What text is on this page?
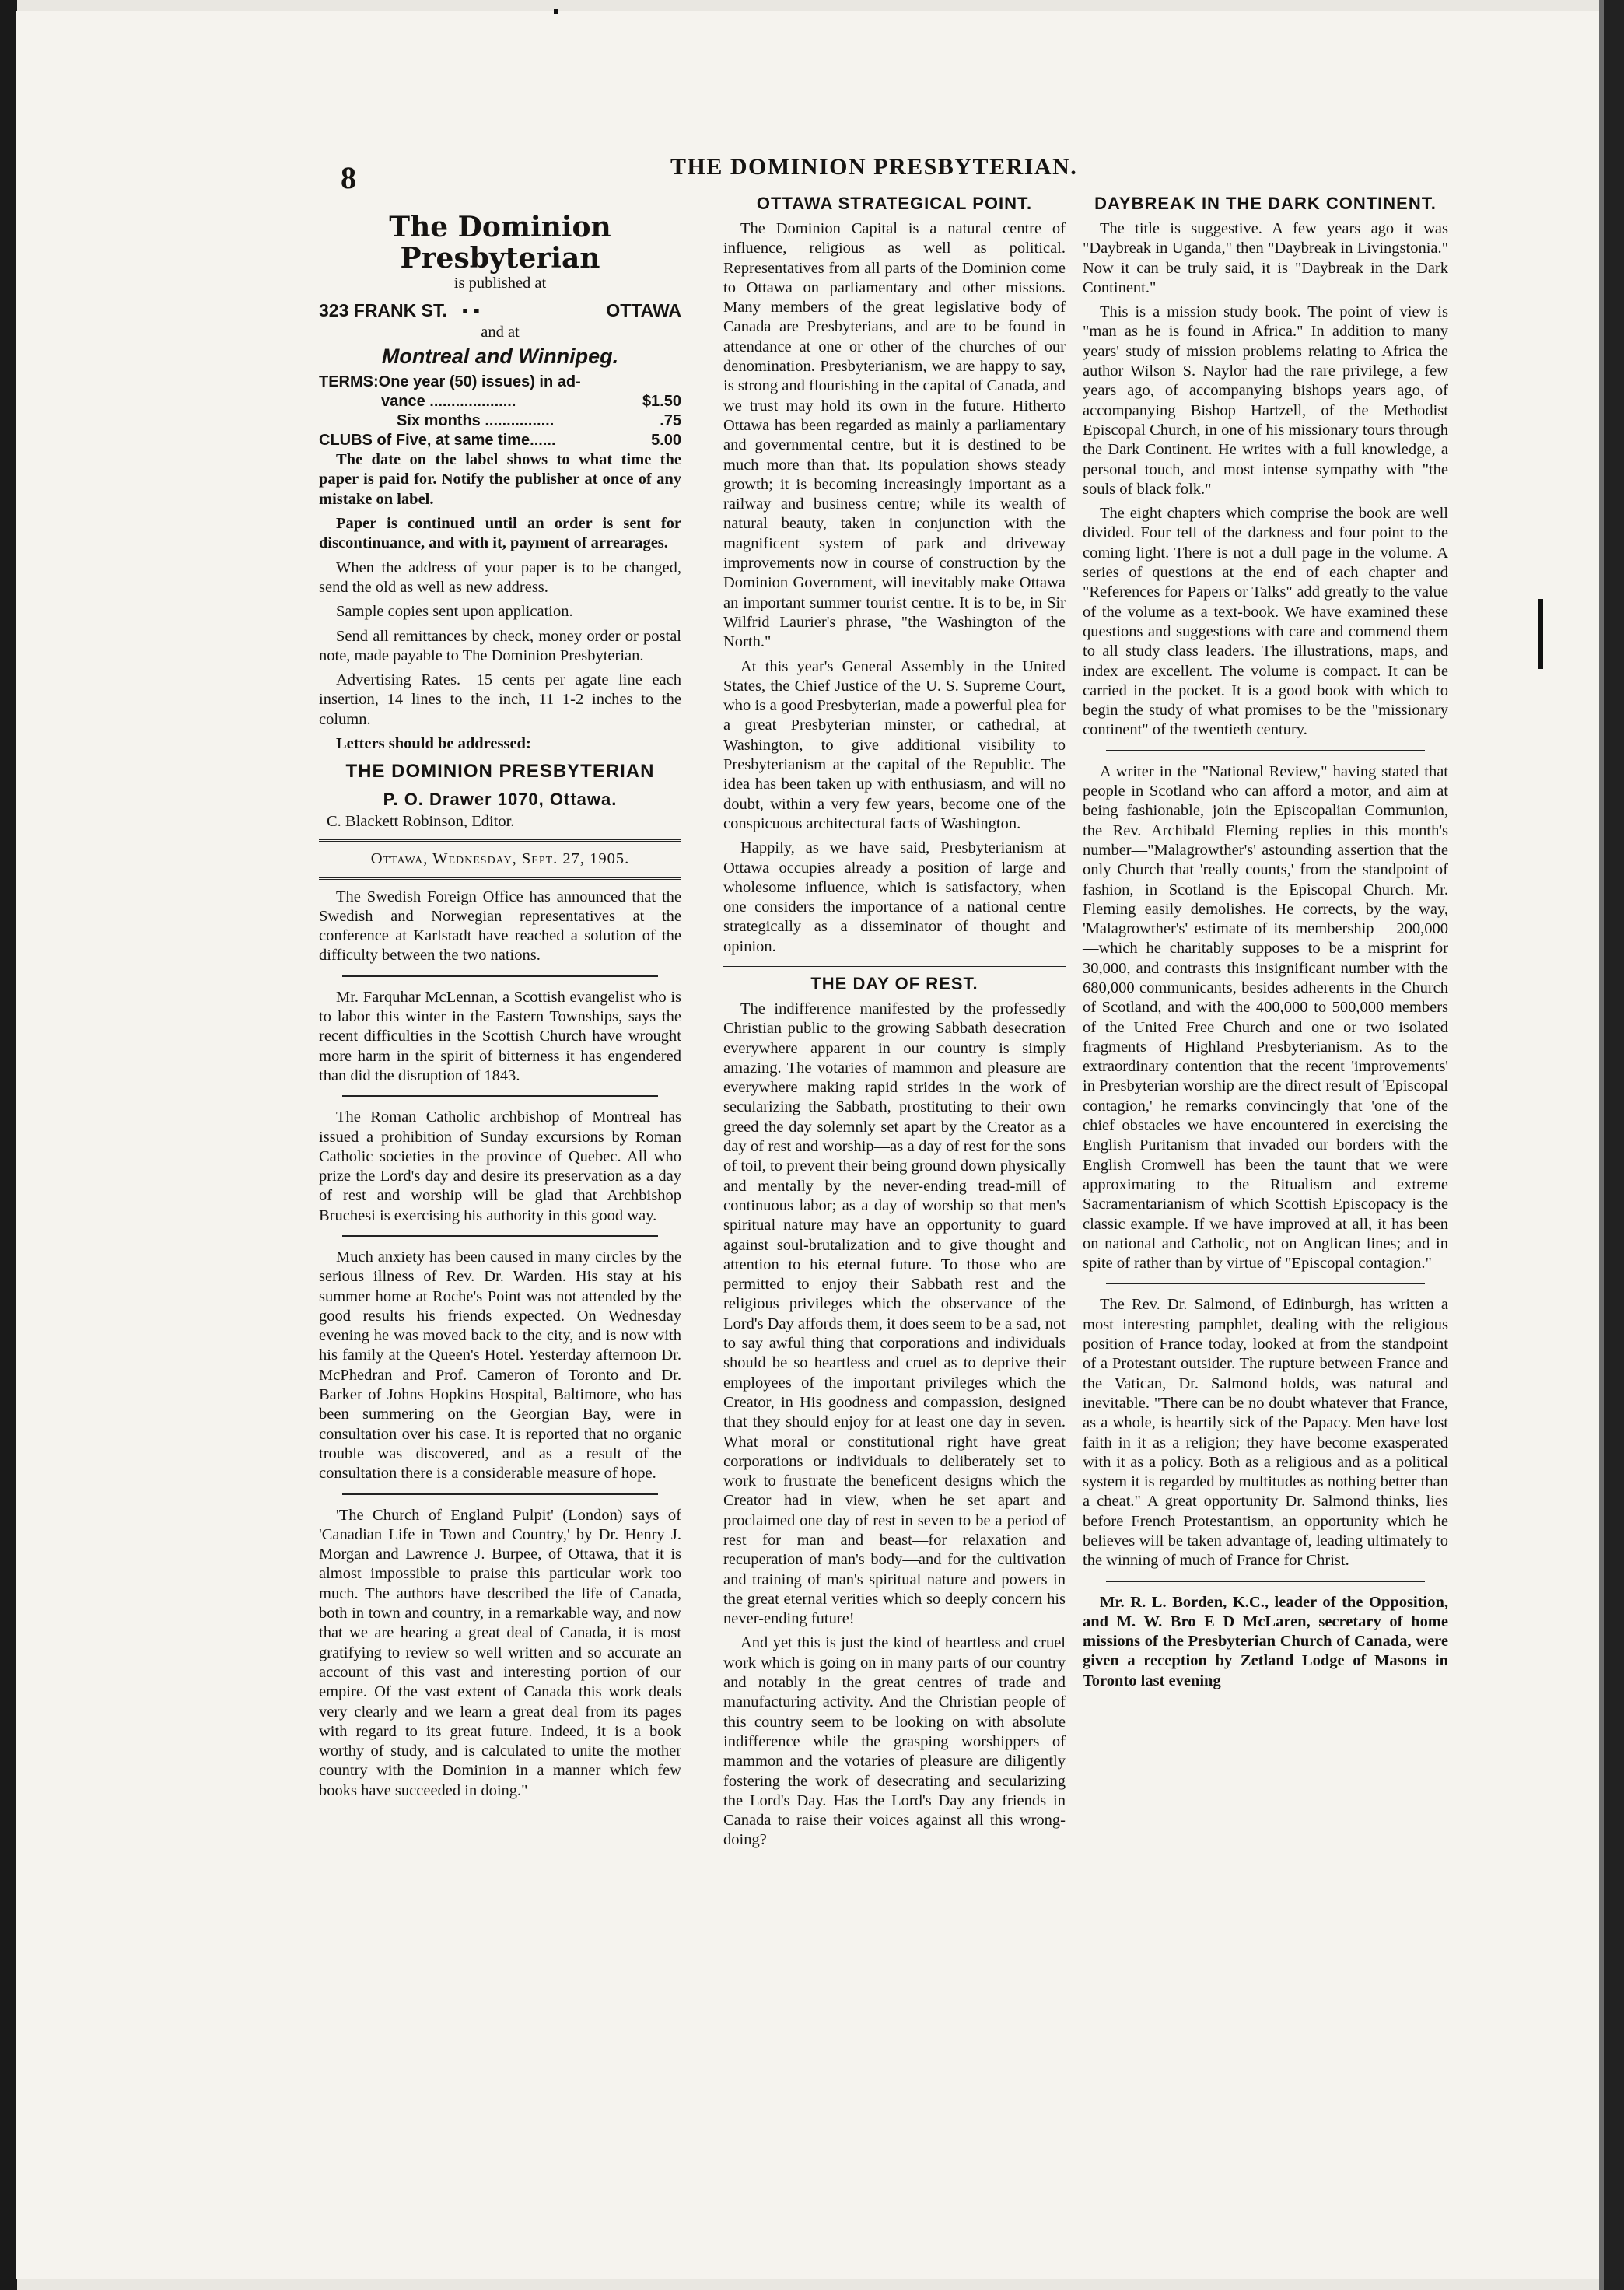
8	THE DOMINION PRESBYTERIAN.
The Dominion Presbyterian

is published at

OTTAWA
323 FRANK ST. ▪ ▪

and at

Montreal and Winnipeg.
TERMS:One year (50) issues) in ad-
vance ....................	$1.50
Six months ................	.75
CLUBS of Five, at same time......	5.00

The date on the label shows to what time the paper is paid for. Notify the publisher at once of any mistake on label.

Paper is continued until an order is sent for discontinuance, and with it, payment of arrearages.

When the address of your paper is to be changed, send the old as well as new address.

Sample copies sent upon application.

Send all remittances by check, money order or postal note, made payable to The Dominion Presbyterian.

Advertising Rates.—15 cents per agate line each insertion, 14 lines to the inch, 11 1-2 inches to the column.

Letters should be addressed:

THE DOMINION PRESBYTERIAN
P. O. Drawer 1070, Ottawa.

C. Blackett Robinson, Editor.

Ottawa, Wednesday, Sept. 27, 1905.

The Swedish Foreign Office has announced that the Swedish and Norwegian representatives at the conference at Karlstadt have reached a solution of the difficulty between the two nations.

Mr. Farquhar McLennan, a Scottish evangelist who is to labor this winter in the Eastern Townships, says the recent difficulties in the Scottish Church have wrought more harm in the spirit of bitterness it has engendered than did the disruption of 1843.

The Roman Catholic archbishop of Montreal has issued a prohibition of Sunday excursions by Roman Catholic societies in the province of Quebec. All who prize the Lord's day and desire its preservation as a day of rest and worship will be glad that Archbishop Bruchesi is exercising his authority in this good way.

Much anxiety has been caused in many circles by the serious illness of Rev. Dr. Warden. His stay at his summer home at Roche's Point was not attended by the good results his friends expected. On Wednesday evening he was moved back to the city, and is now with his family at the Queen's Hotel. Yesterday afternoon Dr. McPhedran and Prof. Cameron of Toronto and Dr. Barker of Johns Hopkins Hospital, Baltimore, who has been summering on the Georgian Bay, were in consultation over his case. It is reported that no organic trouble was discovered, and as a result of the consultation there is a considerable measure of hope.

'The Church of England Pulpit' (London) says of 'Canadian Life in Town and Country,' by Dr. Henry J. Morgan and Lawrence J. Burpee, of Ottawa, that it is almost impossible to praise this particular work too much. The authors have described the life of Canada, both in town and country, in a remarkable way, and now that we are hearing a great deal of Canada, it is most gratifying to review so well written and so accurate an account of this vast and interesting portion of our empire. Of the vast extent of Canada this work deals very clearly and we learn a great deal from its pages with regard to its great future. Indeed, it is a book worthy of study, and is calculated to unite the mother country with the Dominion in a manner which few books have succeeded in doing."

OTTAWA STRATEGICAL POINT.

The Dominion Capital is a natural centre of influence, religious as well as political. Representatives from all parts of the Dominion come to Ottawa on parliamentary and other missions. Many members of the great legislative body of Canada are Presbyterians, and are to be found in attendance at one or other of the churches of our denomination. Presbyterianism, we are happy to say, is strong and flourishing in the capital of Canada, and we trust may hold its own in the future. Hitherto Ottawa has been regarded as mainly a parliamentary and governmental centre, but it is destined to be much more than that. Its population shows steady growth; it is becoming increasingly important as a railway and business centre; while its wealth of natural beauty, taken in conjunction with the magnificent system of park and driveway improvements now in course of construction by the Dominion Government, will inevitably make Ottawa an important summer tourist centre. It is to be, in Sir Wilfrid Laurier's phrase, "the Washington of the North."

At this year's General Assembly in the United States, the Chief Justice of the U. S. Supreme Court, who is a good Presbyterian, made a powerful plea for a great Presbyterian minster, or cathedral, at Washington, to give additional visibility to Presbyterianism at the capital of the Republic. The idea has been taken up with enthusiasm, and will no doubt, within a very few years, become one of the conspicuous architectural facts of Washington.

Happily, as we have said, Presbyterianism at Ottawa occupies already a position of large and wholesome influence, which is satisfactory, when one considers the importance of a national centre strategically as a disseminator of thought and opinion.

THE DAY OF REST.

The indifference manifested by the professedly Christian public to the growing Sabbath desecration everywhere apparent in our country is simply amazing. The votaries of mammon and pleasure are everywhere making rapid strides in the work of secularizing the Sabbath, prostituting to their own greed the day solemnly set apart by the Creator as a day of rest and worship—as a day of rest for the sons of toil, to prevent their being ground down physically and mentally by the never-ending tread-mill of continuous labor; as a day of worship so that men's spiritual nature may have an opportunity to guard against soul-brutalization and to give thought and attention to his eternal future. To those who are permitted to enjoy their Sabbath rest and the religious privileges which the observance of the Lord's Day affords them, it does seem to be a sad, not to say awful thing that corporations and individuals should be so heartless and cruel as to deprive their employees of the important privileges which the Creator, in His goodness and compassion, designed that they should enjoy for at least one day in seven. What moral or constitutional right have great corporations or individuals to deliberately set to work to frustrate the beneficent designs which the Creator had in view, when he set apart and proclaimed one day of rest in seven to be a period of rest for man and beast—for relaxation and recuperation of man's body—and for the cultivation and training of man's spiritual nature and powers in the great eternal verities which so deeply concern his never-ending future!

And yet this is just the kind of heartless and cruel work which is going on in many parts of our country and notably in the great centres of trade and manufacturing activity. And the Christian people of this country seem to be looking on with absolute indifference while the grasping worshippers of mammon and the votaries of pleasure are diligently fostering the work of desecrating and secularizing the Lord's Day. Has the Lord's Day any friends in Canada to raise their voices against all this wrong-doing?

DAYBREAK IN THE DARK CONTINENT.

The title is suggestive. A few years ago it was "Daybreak in Uganda," then "Daybreak in Livingstonia." Now it can be truly said, it is "Daybreak in the Dark Continent."

This is a mission study book. The point of view is "man as he is found in Africa." In addition to many years' study of mission problems relating to Africa the author Wilson S. Naylor had the rare privilege, a few years ago, of accompanying bishops years ago, of accompanying Bishop Hartzell, of the Methodist Episcopal Church, in one of his missionary tours through the Dark Continent. He writes with a full knowledge, a personal touch, and most intense sympathy with "the souls of black folk."

The eight chapters which comprise the book are well divided. Four tell of the darkness and four point to the coming light. There is not a dull page in the volume. A series of questions at the end of each chapter and "References for Papers or Talks" add greatly to the value of the volume as a text-book. We have examined these questions and suggestions with care and commend them to all study class leaders. The illustrations, maps, and index are excellent. The volume is compact. It can be carried in the pocket. It is a good book with which to begin the study of what promises to be the "missionary continent" of the twentieth century.

A writer in the "National Review," having stated that people in Scotland who can afford a motor, and aim at being fashionable, join the Episcopalian Communion, the Rev. Archibald Fleming replies in this month's number—"Malagrowther's' astounding assertion that the only Church that 'really counts,' from the standpoint of fashion, in Scotland is the Episcopal Church. Mr. Fleming easily demolishes. He corrects, by the way, 'Malagrowther's' estimate of its membership —200,000—which he charitably supposes to be a misprint for 30,000, and contrasts this insignificant number with the 680,000 communicants, besides adherents in the Church of Scotland, and with the 400,000 to 500,000 members of the United Free Church and one or two isolated fragments of Highland Presbyterianism. As to the extraordinary contention that the recent 'improvements' in Presbyterian worship are the direct result of 'Episcopal contagion,' he remarks convincingly that 'one of the chief obstacles we have encountered in exercising the English Puritanism that invaded our borders with the English Cromwell has been the taunt that we were approximating to the Ritualism and extreme Sacramentarianism of which Scottish Episcopacy is the classic example. If we have improved at all, it has been on national and Catholic, not on Anglican lines; and in spite of rather than by virtue of "Episcopal contagion."

The Rev. Dr. Salmond, of Edinburgh, has written a most interesting pamphlet, dealing with the religious position of France today, looked at from the standpoint of a Protestant outsider. The rupture between France and the Vatican, Dr. Salmond holds, was natural and inevitable. "There can be no doubt whatever that France, as a whole, is heartily sick of the Papacy. Men have lost faith in it as a religion; they have become exasperated with it as a policy. Both as a religious and as a political system it is regarded by multitudes as nothing better than a cheat." A great opportunity Dr. Salmond thinks, lies before French Protestantism, an opportunity which he believes will be taken advantage of, leading ultimately to the winning of much of France for Christ.

Mr. R. L. Borden, K.C., leader of the Opposition, and M. W. Bro E D McLaren, secretary of home missions of the Presbyterian Church of Canada, were given a reception by Zetland Lodge of Masons in Toronto last evening
